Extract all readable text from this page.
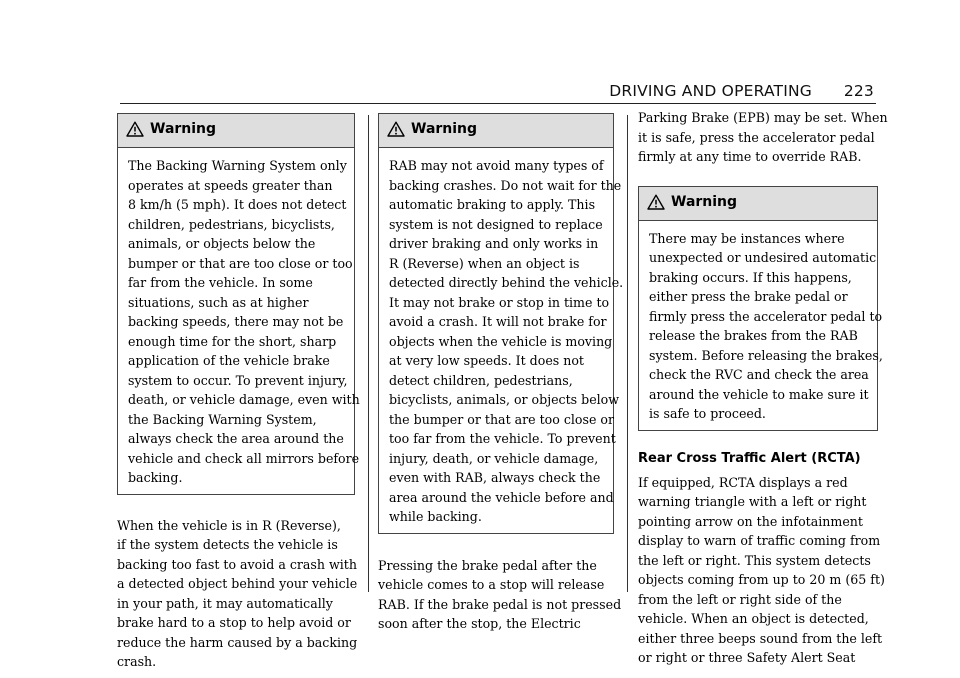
DRIVING AND OPERATING 223
Warning

The Backing Warning System only
operates at speeds greater than
8 km/h (5 mph). It does not detect
children, pedestrians, bicyclists,
animals, or objects below the
bumper or that are too close or too
far from the vehicle. In some
situations, such as at higher
backing speeds, there may not be
enough time for the short, sharp
application of the vehicle brake
system to occur. To prevent injury,
death, or vehicle damage, even with
the Backing Warning System,
always check the area around the
vehicle and check all mirrors before
backing.

When the vehicle is in R (Reverse),
if the system detects the vehicle is
backing too fast to avoid a crash with
a detected object behind your vehicle
in your path, it may automatically
brake hard to a stop to help avoid or
reduce the harm caused by a backing
crash.

Warning

RAB may not avoid many types of
backing crashes. Do not wait for the
automatic braking to apply. This
system is not designed to replace
driver braking and only works in
R (Reverse) when an object is
detected directly behind the vehicle.
It may not brake or stop in time to
avoid a crash. It will not brake for
objects when the vehicle is moving
at very low speeds. It does not
detect children, pedestrians,
bicyclists, animals, or objects below
the bumper or that are too close or
too far from the vehicle. To prevent
injury, death, or vehicle damage,
even with RAB, always check the
area around the vehicle before and
while backing.

Pressing the brake pedal after the
vehicle comes to a stop will release
RAB. If the brake pedal is not pressed
soon after the stop, the Electric

Parking Brake (EPB) may be set. When
it is safe, press the accelerator pedal
firmly at any time to override RAB.

Warning

There may be instances where
unexpected or undesired automatic
braking occurs. If this happens,
either press the brake pedal or
firmly press the accelerator pedal to
release the brakes from the RAB
system. Before releasing the brakes,
check the RVC and check the area
around the vehicle to make sure it
is safe to proceed.

Rear Cross Traffic Alert (RCTA)

If equipped, RCTA displays a red
warning triangle with a left or right
pointing arrow on the infotainment
display to warn of traffic coming from
the left or right. This system detects
objects coming from up to 20 m (65 ft)
from the left or right side of the
vehicle. When an object is detected,
either three beeps sound from the left
or right or three Safety Alert Seat
